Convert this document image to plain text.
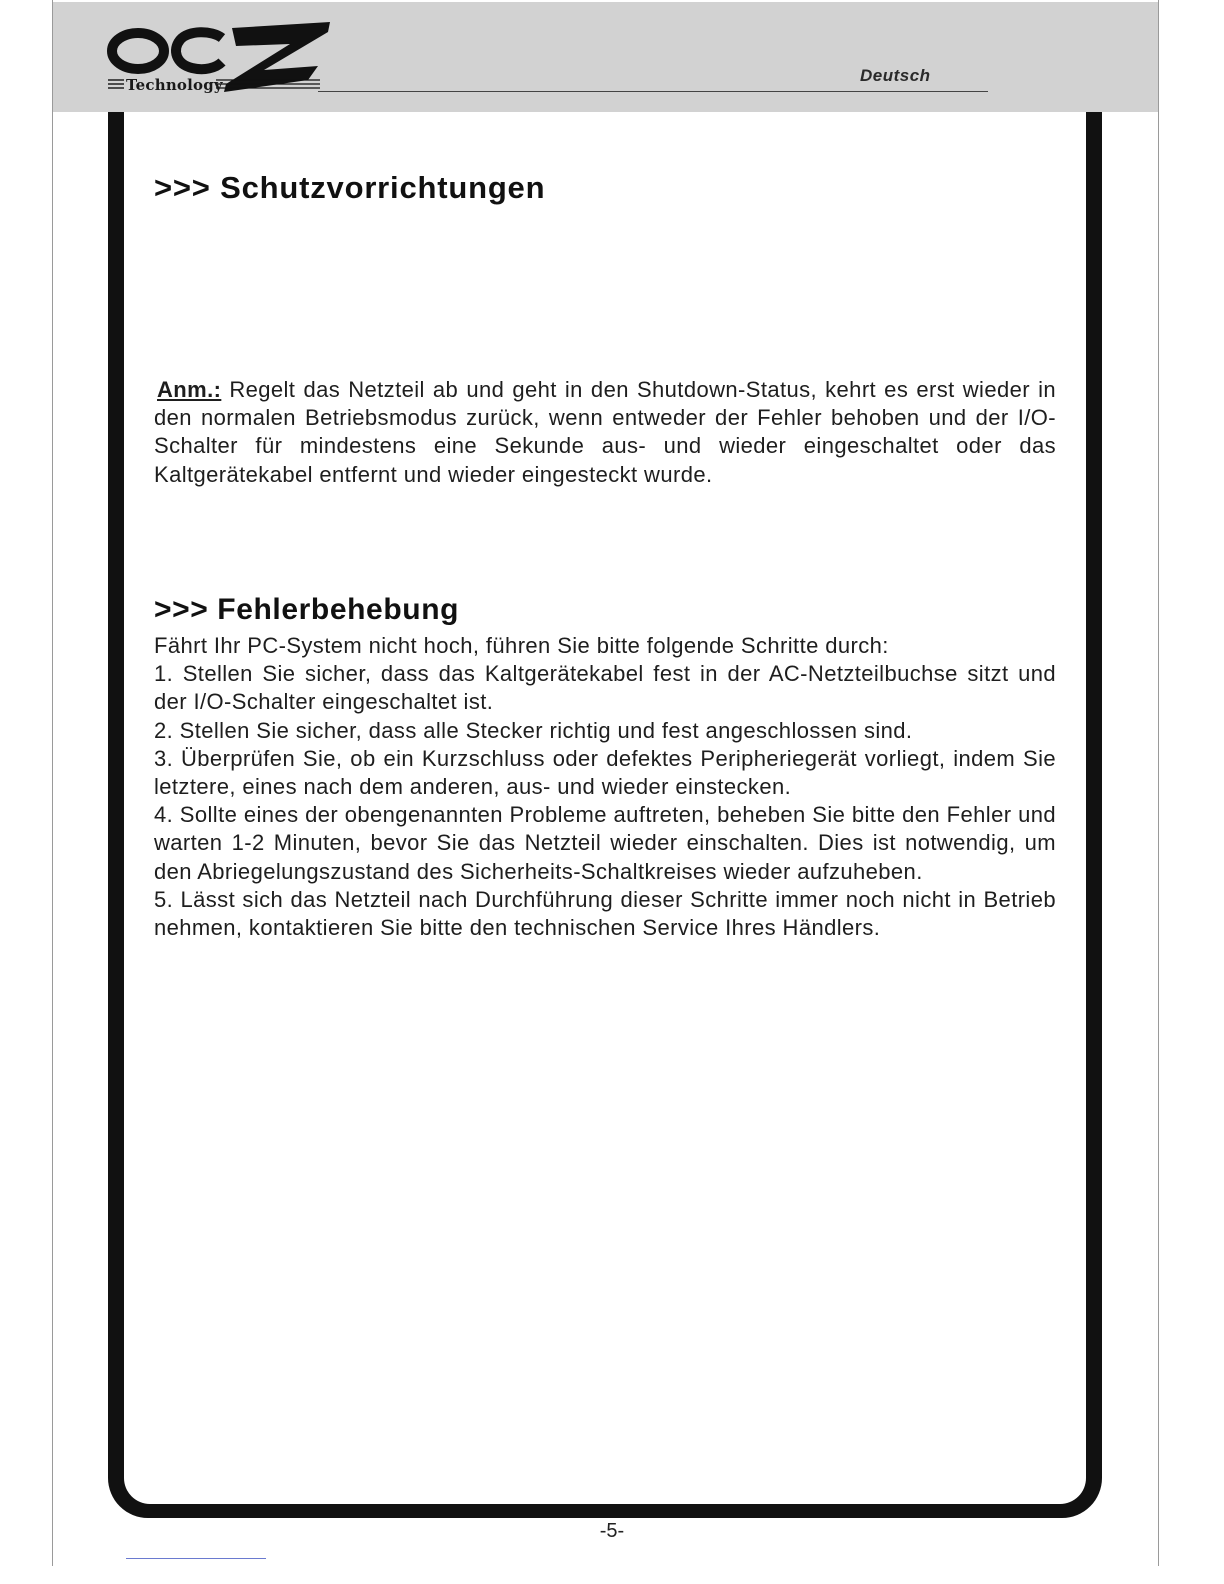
Technology	Deutsch
>>> Schutzvorrichtungen

Anm.: Regelt das Netzteil ab und geht in den Shutdown-Status, kehrt es erst wieder in den normalen Betriebsmodus zurück, wenn entweder der Fehler behoben und der I/O-Schalter für mindestens eine Sekunde aus- und wieder eingeschaltet oder das Kaltgerätekabel entfernt und wieder eingesteckt wurde.

>>> Fehlerbehebung

Fährt Ihr PC-System nicht hoch, führen Sie bitte folgende Schritte durch:

1. Stellen Sie sicher, dass das Kaltgerätekabel fest in der AC-Netzteilbuchse sitzt und der I/O-Schalter eingeschaltet ist.

2. Stellen Sie sicher, dass alle Stecker richtig und fest angeschlossen sind.

3. Überprüfen Sie, ob ein Kurzschluss oder defektes Peripheriegerät vorliegt, indem Sie letztere, eines nach dem anderen, aus- und wieder einstecken.

4. Sollte eines der obengenannten Probleme auftreten, beheben Sie bitte den Fehler und warten 1-2 Minuten, bevor Sie das Netzteil wieder einschalten. Dies ist notwendig, um den Abriegelungszustand des Sicherheits-Schaltkreises wieder aufzuheben.

5. Lässt sich das Netzteil nach Durchführung dieser Schritte immer noch nicht in Betrieb nehmen, kontaktieren Sie bitte den technischen Service Ihres Händlers.

-5-
